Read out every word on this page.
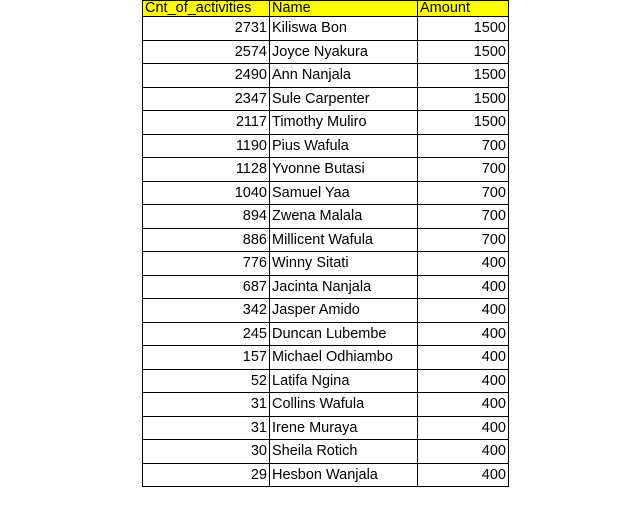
Cnt_of_activities	Name	Amount
2731	Kiliswa Bon	1500
2574	Joyce Nyakura	1500
2490	Ann Nanjala	1500
2347	Sule Carpenter	1500
2117	Timothy Muliro	1500
1190	Pius Wafula	700
1128	Yvonne Butasi	700
1040	Samuel Yaa	700
894	Zwena Malala	700
886	Millicent Wafula	700
776	Winny Sitati	400
687	Jacinta Nanjala	400
342	Jasper Amido	400
245	Duncan Lubembe	400
157	Michael Odhiambo	400
52	Latifa Ngina	400
31	Collins Wafula	400
31	Irene Muraya	400
30	Sheila Rotich	400
29	Hesbon Wanjala	400
